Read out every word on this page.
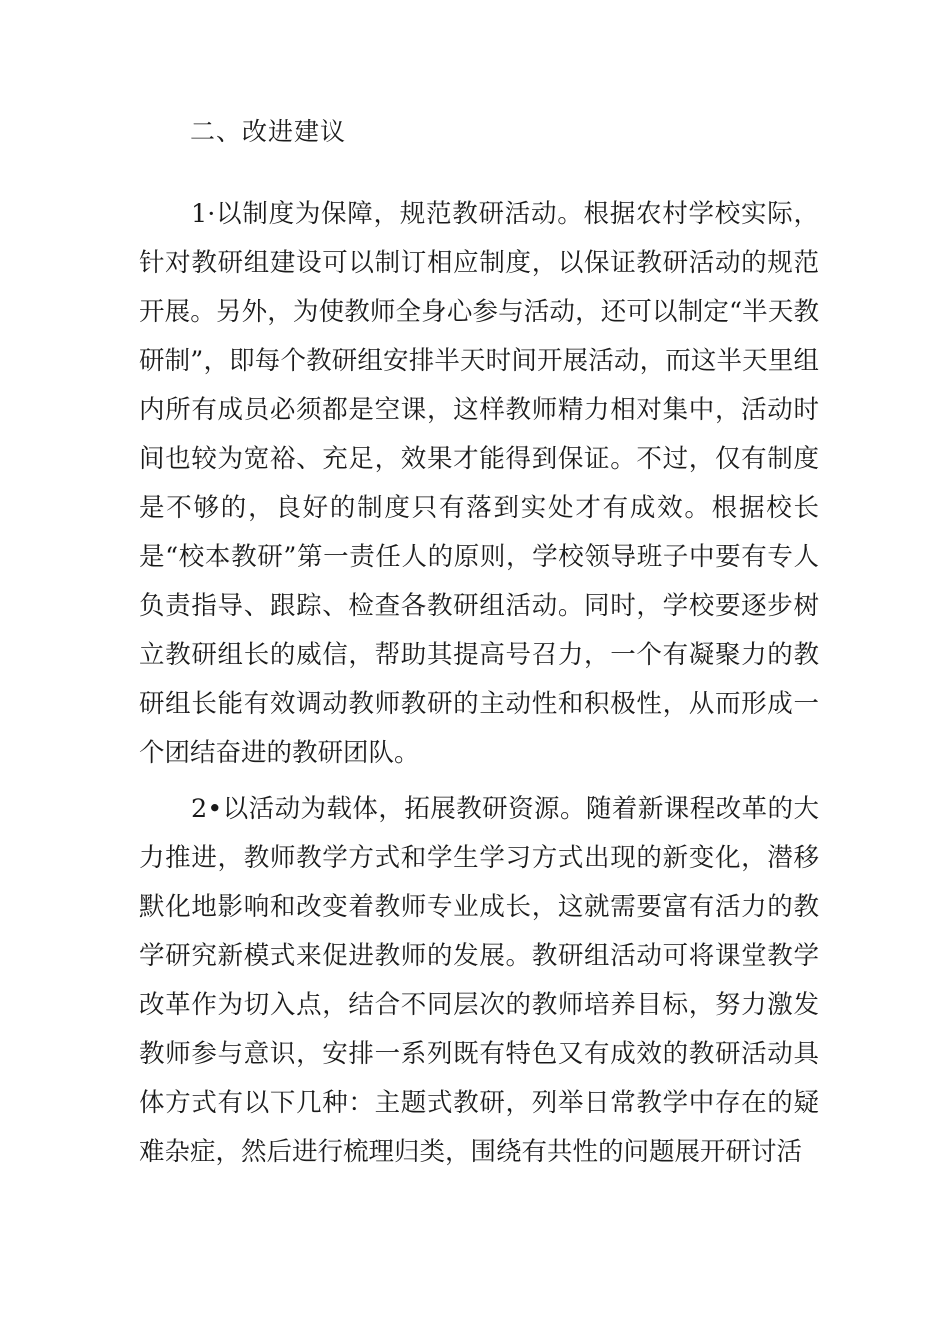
二、改进建议

1·以制度为保障，规范教研活动。根据农村学校实际，针对教研组建设可以制订相应制度，以保证教研活动的规范开展。另外，为使教师全身心参与活动，还可以制定“半天教研制”，即每个教研组安排半天时间开展活动，而这半天里组内所有成员必须都是空课，这样教师精力相对集中，活动时间也较为宽裕、充足，效果才能得到保证。不过，仅有制度是不够的，良好的制度只有落到实处才有成效。根据校长是“校本教研”第一责任人的原则，学校领导班子中要有专人负责指导、跟踪、检查各教研组活动。同时，学校要逐步树立教研组长的威信，帮助其提高号召力，一个有凝聚力的教研组长能有效调动教师教研的主动性和积极性，从而形成一个团结奋进的教研团队。

2•以活动为载体，拓展教研资源。随着新课程改革的大力推进，教师教学方式和学生学习方式出现的新变化，潜移默化地影响和改变着教师专业成长，这就需要富有活力的教学研究新模式来促进教师的发展。教研组活动可将课堂教学改革作为切入点，结合不同层次的教师培养目标，努力激发教师参与意识，安排一系列既有特色又有成效的教研活动具体方式有以下几种：主题式教研，列举日常教学中存在的疑难杂症，然后进行梳理归类，围绕有共性的问题展开研讨活
